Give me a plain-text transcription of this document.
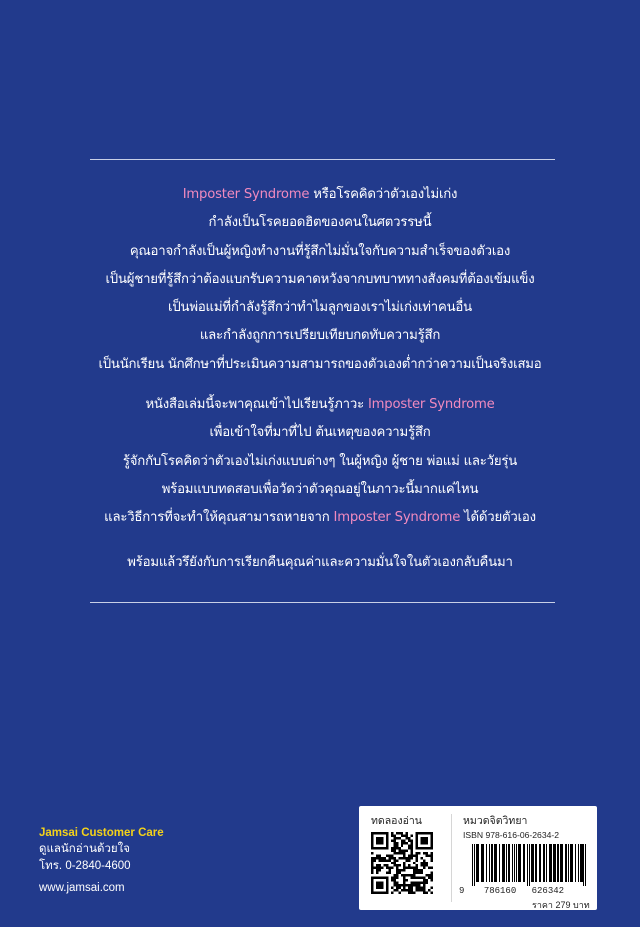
Imposter Syndrome หรือโรคคิดว่าตัวเองไม่เก่ง
กำลังเป็นโรคยอดฮิตของคนในศตวรรษนี้
คุณอาจกำลังเป็นผู้หญิงทำงานที่รู้สึกไม่มั่นใจกับความสำเร็จของตัวเอง
เป็นผู้ชายที่รู้สึกว่าต้องแบกรับความคาดหวังจากบทบาททางสังคมที่ต้องเข้มแข็ง
เป็นพ่อแม่ที่กำลังรู้สึกว่าทำไมลูกของเราไม่เก่งเท่าคนอื่น
และกำลังถูกการเปรียบเทียบกดทับความรู้สึก
เป็นนักเรียน นักศึกษาที่ประเมินความสามารถของตัวเองต่ำกว่าความเป็นจริงเสมอ
หนังสือเล่มนี้จะพาคุณเข้าไปเรียนรู้ภาวะ Imposter Syndrome
เพื่อเข้าใจที่มาที่ไป ต้นเหตุของความรู้สึก
รู้จักกับโรคคิดว่าตัวเองไม่เก่งแบบต่างๆ ในผู้หญิง ผู้ชาย พ่อแม่ และวัยรุ่น
พร้อมแบบทดสอบเพื่อวัดว่าตัวคุณอยู่ในภาวะนี้มากแค่ไหน
และวิธีการที่จะทำให้คุณสามารถหายจาก Imposter Syndrome ได้ด้วยตัวเอง
พร้อมแล้วรึยังกับการเรียกคืนคุณค่าและความมั่นใจในตัวเองกลับคืนมา
Jamsai Customer Care
ดูแลนักอ่านด้วยใจ
โทร. 0-2840-4600
www.jamsai.com
ทดลองอ่าน	หมวดจิตวิทยา
ISBN 978-616-06-2634-2
9 786160 626342
ราคา 279 บาท
